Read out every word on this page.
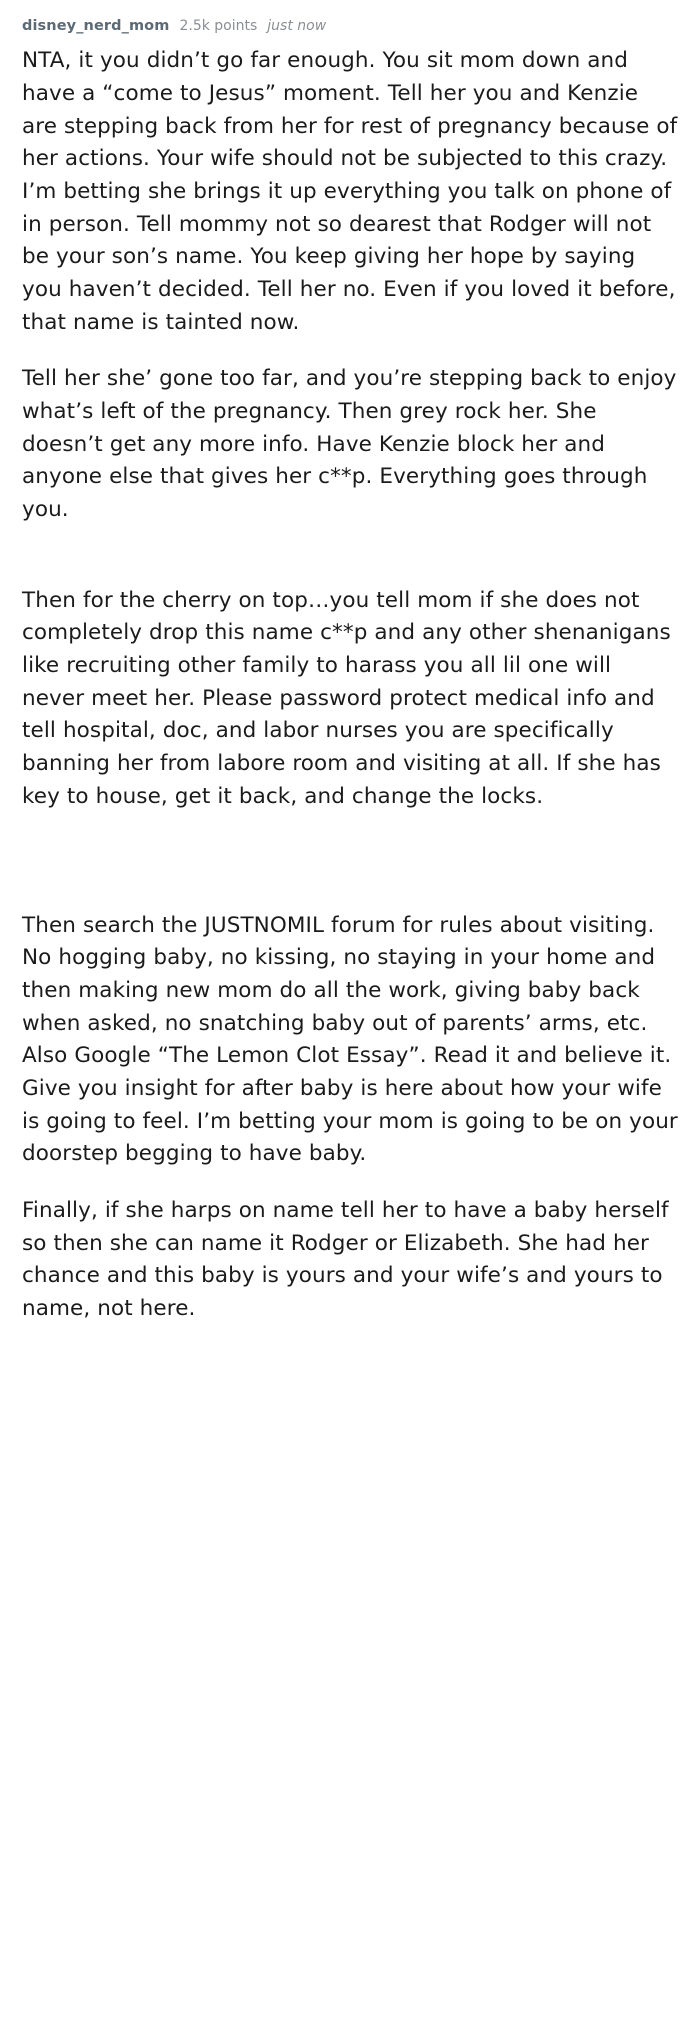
disney_nerd_mom 2.5k points just now

NTA, it you didn’t go far enough. You sit mom down and have a “come to Jesus” moment. Tell her you and Kenzie are stepping back from her for rest of pregnancy because of her actions. Your wife should not be subjected to this crazy. I’m betting she brings it up everything you talk on phone of in person. Tell mommy not so dearest that Rodger will not be your son’s name. You keep giving her hope by saying you haven’t decided. Tell her no. Even if you loved it before, that name is tainted now.

Tell her she’ gone too far, and you’re stepping back to enjoy what’s left of the pregnancy. Then grey rock her. She doesn’t get any more info. Have Kenzie block her and anyone else that gives her c**p. Everything goes through you.

Then for the cherry on top…you tell mom if she does not completely drop this name c**p and any other shenanigans like recruiting other family to harass you all lil one will never meet her. Please password protect medical info and tell hospital, doc, and labor nurses you are specifically banning her from labore room and visiting at all. If she has key to house, get it back, and change the locks.

Then search the JUSTNOMIL forum for rules about visiting. No hogging baby, no kissing, no staying in your home and then making new mom do all the work, giving baby back when asked, no snatching baby out of parents’ arms, etc. Also Google “The Lemon Clot Essay”. Read it and believe it. Give you insight for after baby is here about how your wife is going to feel. I’m betting your mom is going to be on your doorstep begging to have baby.

Finally, if she harps on name tell her to have a baby herself so then she can name it Rodger or Elizabeth. She had her chance and this baby is yours and your wife’s and yours to name, not here.
